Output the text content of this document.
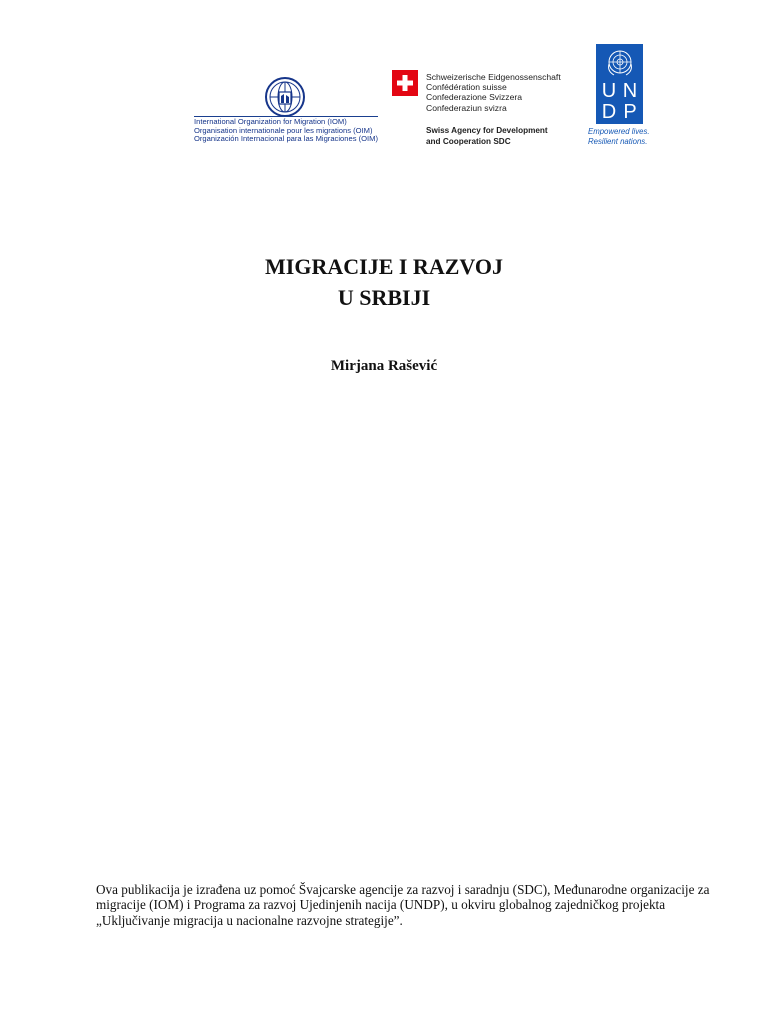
International Organization for Migration (IOM)
Organisation internationale pour les migrations (OIM)
Organización Internacional para las Migraciones (OIM)
Schweizerische Eidgenossenschaft
Confédération suisse
Confederazione Svizzera
Confederaziun svizra
Swiss Agency for Development
and Cooperation SDC
U N
D P
Empowered lives.
Resilient nations.
MIGRACIJE I RAZVOJ
U SRBIJI
Mirjana Rašević
Ova publikacija je izrađena uz pomoć Švajcarske agencije za razvoj i saradnju (SDC), Međunarodne organizacije za migracije (IOM) i Programa za razvoj Ujedinjenih nacija (UNDP), u okviru globalnog zajedničkog projekta „Uključivanje migracija u nacionalne razvojne strategije”.
